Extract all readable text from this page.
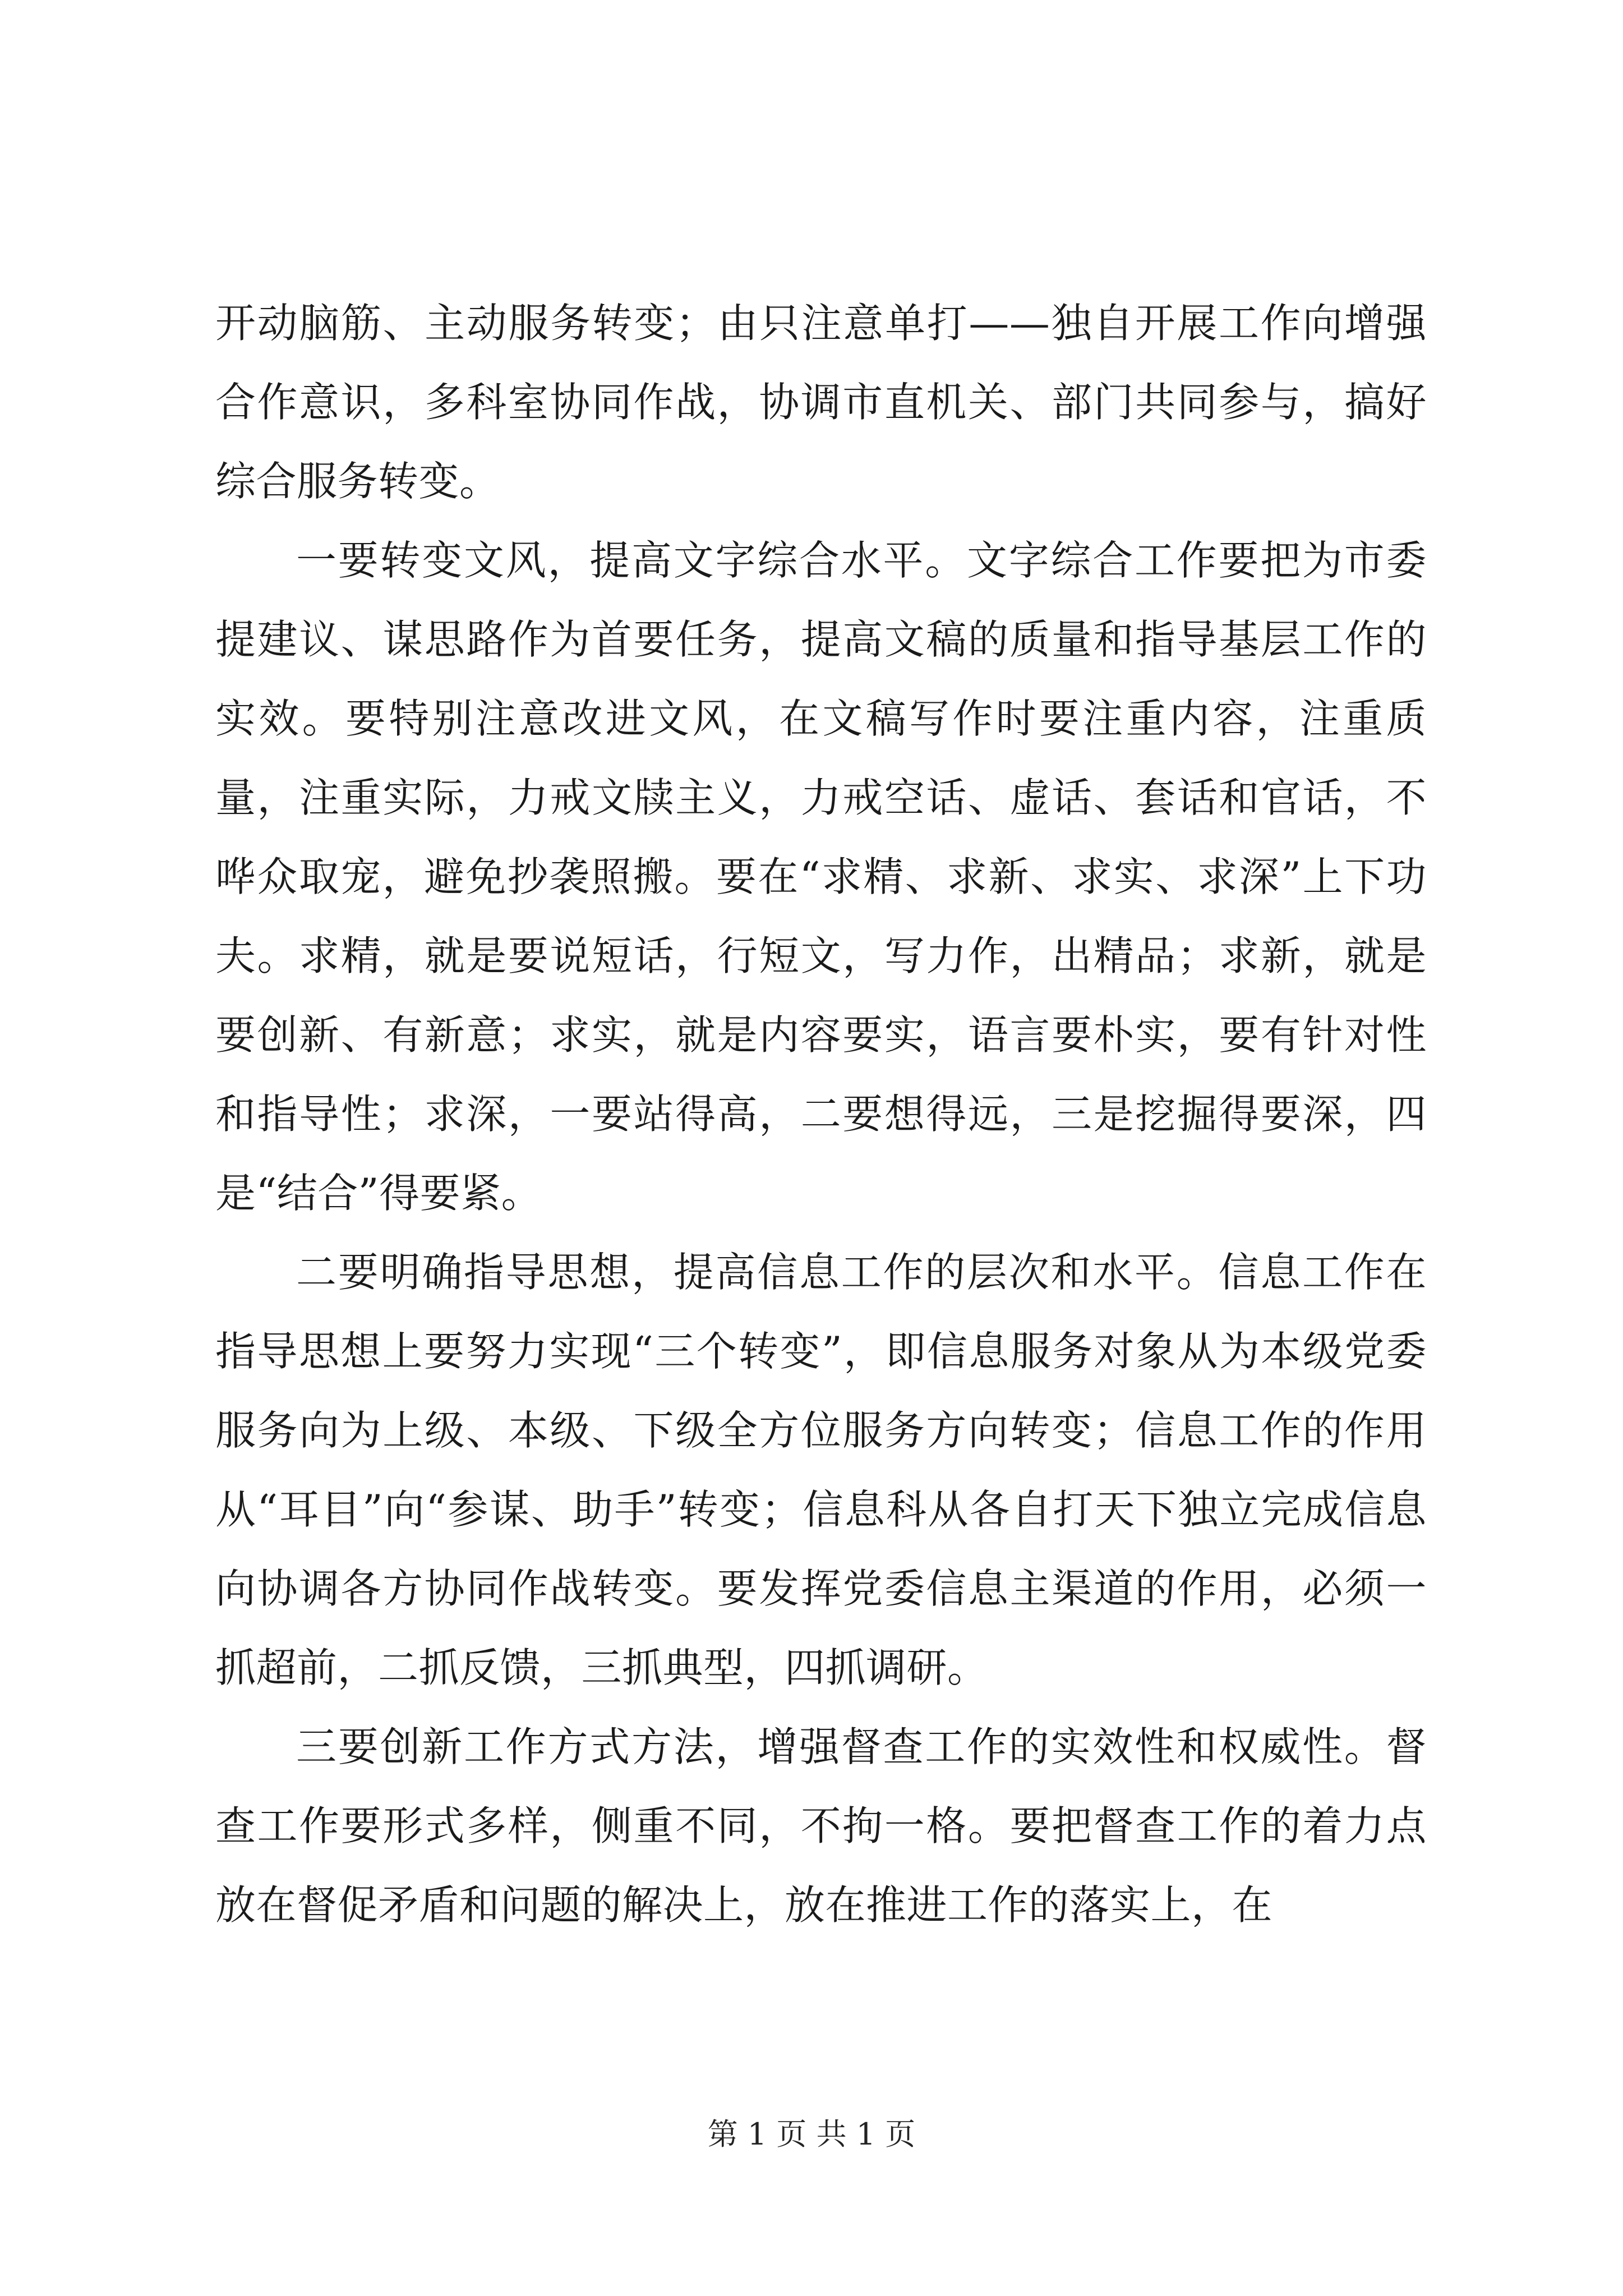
开动脑筋、主动服务转变；由只注意单打——独自开展工作向增强合作意识，多科室协同作战，协调市直机关、部门共同参与，搞好综合服务转变。

一要转变文风，提高文字综合水平。文字综合工作要把为市委提建议、谋思路作为首要任务，提高文稿的质量和指导基层工作的实效。要特别注意改进文风，在文稿写作时要注重内容，注重质量，注重实际，力戒文牍主义，力戒空话、虚话、套话和官话，不哗众取宠，避免抄袭照搬。要在“求精、求新、求实、求深”上下功夫。求精，就是要说短话，行短文，写力作，出精品；求新，就是要创新、有新意；求实，就是内容要实，语言要朴实，要有针对性和指导性；求深，一要站得高，二要想得远，三是挖掘得要深，四是“结合”得要紧。

二要明确指导思想，提高信息工作的层次和水平。信息工作在指导思想上要努力实现“三个转变”，即信息服务对象从为本级党委服务向为上级、本级、下级全方位服务方向转变；信息工作的作用从“耳目”向“参谋、助手”转变；信息科从各自打天下独立完成信息向协调各方协同作战转变。要发挥党委信息主渠道的作用，必须一抓超前，二抓反馈，三抓典型，四抓调研。

三要创新工作方式方法，增强督查工作的实效性和权威性。督查工作要形式多样，侧重不同，不拘一格。要把督查工作的着力点放在督促矛盾和问题的解决上，放在推进工作的落实上，在

第 1 页 共 1 页
